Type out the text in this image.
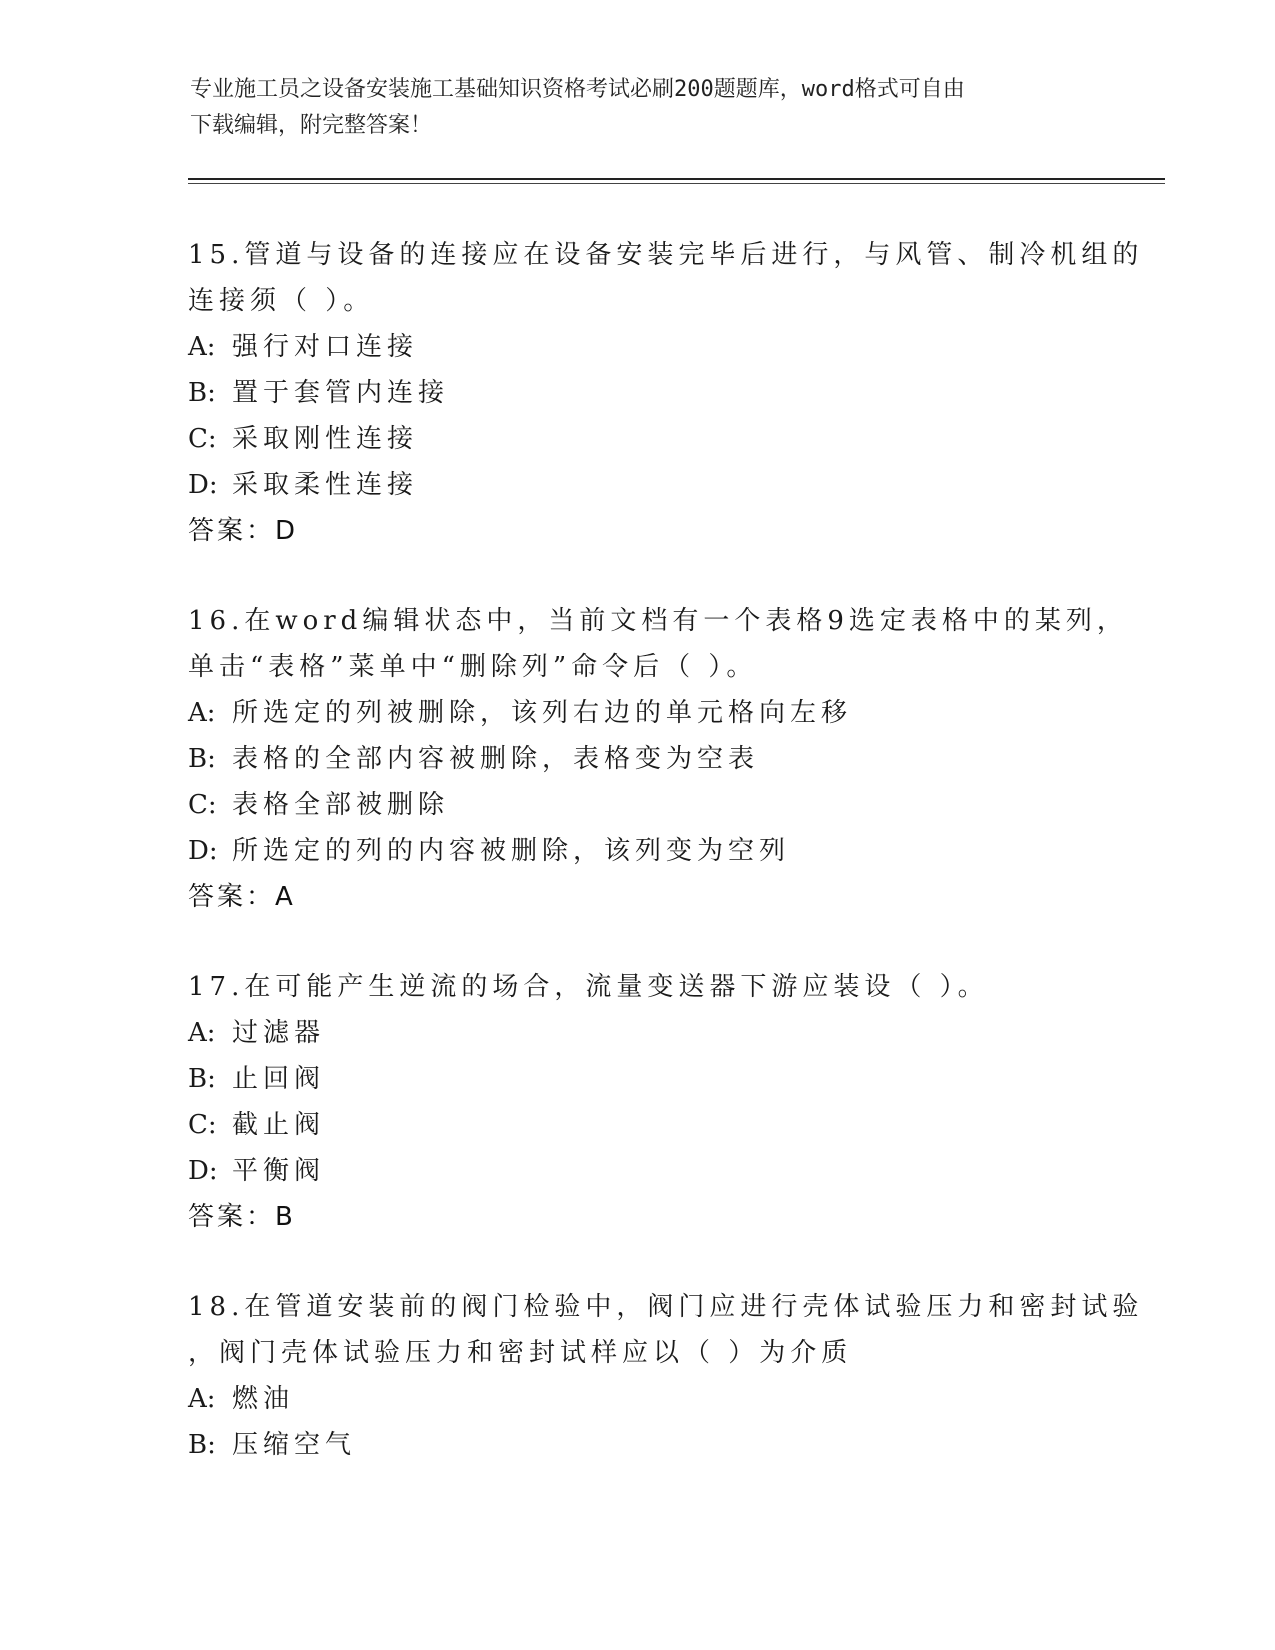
专业施工员之设备安装施工基础知识资格考试必刷200题题库，word格式可自由
下载编辑，附完整答案！
15.管道与设备的连接应在设备安装完毕后进行，与风管、制冷机组的
连接须（ ）。
A: 强行对口连接
B: 置于套管内连接
C: 采取刚性连接
D: 采取柔性连接
答案：D
16.在word编辑状态中，当前文档有一个表格9选定表格中的某列，
单击“表格”菜单中“删除列”命令后（ ）。
A: 所选定的列被删除，该列右边的单元格向左移
B: 表格的全部内容被删除，表格变为空表
C: 表格全部被删除
D: 所选定的列的内容被删除，该列变为空列
答案：A
17.在可能产生逆流的场合，流量变送器下游应装设（ ）。
A: 过滤器
B: 止回阀
C: 截止阀
D: 平衡阀
答案：B
18.在管道安装前的阀门检验中，阀门应进行壳体试验压力和密封试验
，阀门壳体试验压力和密封试样应以（ ）为介质
A: 燃油
B: 压缩空气
